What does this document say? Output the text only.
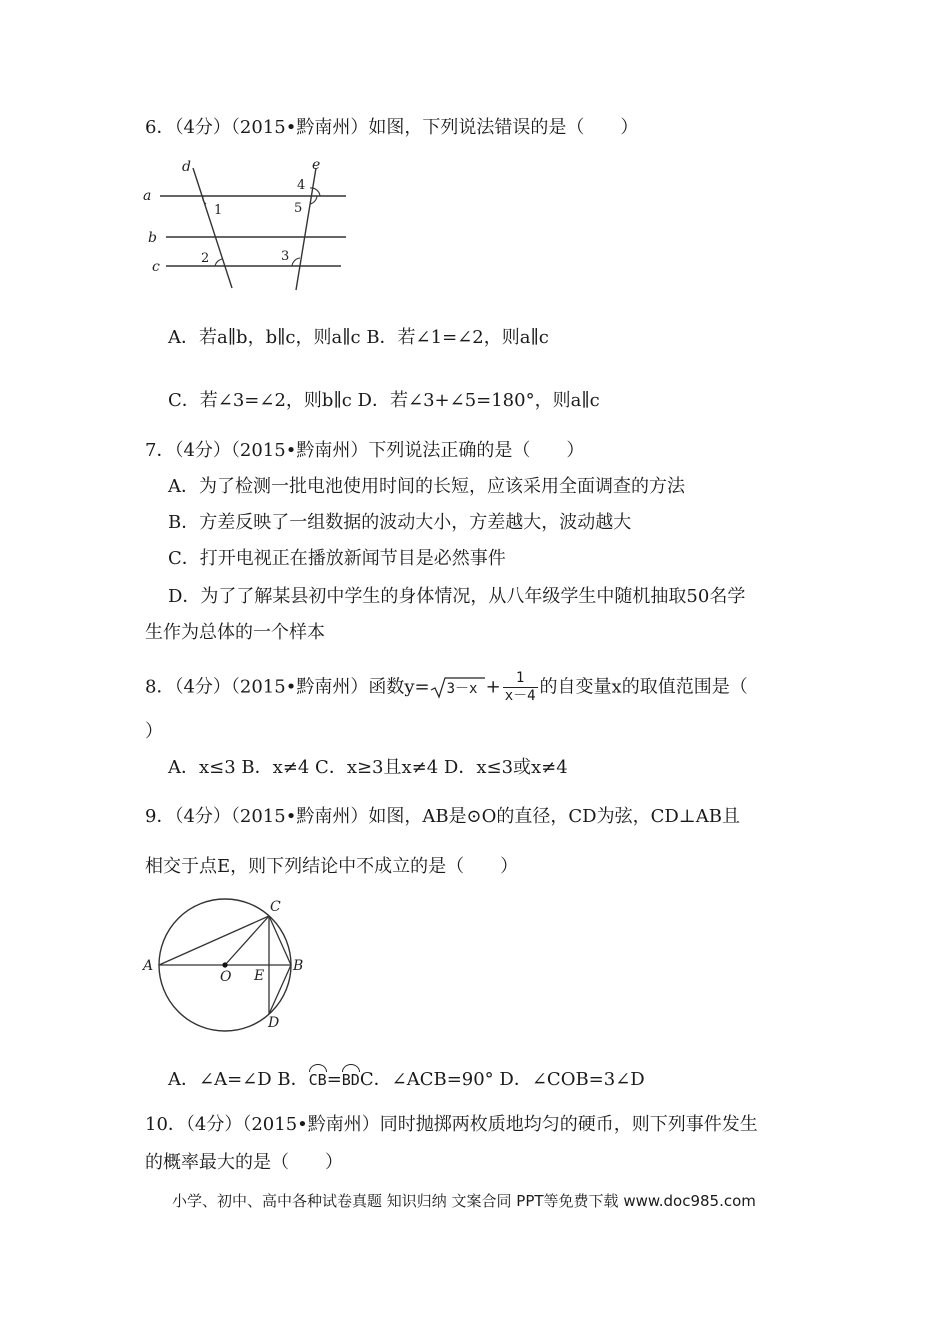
6．（4分）（2015•黔南州）如图，下列说法错误的是（　　）
a
b
c
d	e
1
2	3
4
5
A．若a∥b，b∥c，则a∥c B．若∠1=∠2，则a∥c
C．若∠3=∠2，则b∥c D．若∠3+∠5=180°，则a∥c
7．（4分）（2015•黔南州）下列说法正确的是（　　）
A．为了检测一批电池使用时间的长短，应该采用全面调查的方法
B．方差反映了一组数据的波动大小，方差越大，波动越大
C．打开电视正在播放新闻节目是必然事件
D．为了了解某县初中学生的身体情况，从八年级学生中随机抽取50名学
生作为总体的一个样本
8．（4分）（2015•黔南州）函数$y= 3-x + \frac{1}{x-4}$ 的自变量x的取值范围是（
）
A．x≤3 B．x≠4 C．x≥3且x≠4 D．x≤3或x≠4
9．（4分）（2015•黔南州）如图，AB是⊙O的直径，CD为弦，CD⊥AB且
相交于点E，则下列结论中不成立的是（　　）
A	B
C
D
O E
A．∠A=∠D B．CB=BDC．∠ACB=90° D．∠COB=3∠D
10．（4分）（2015•黔南州）同时抛掷两枚质地均匀的硬币，则下列事件发生
的概率最大的是（　　）
小学、初中、高中各种试卷真题 知识归纳 文案合同 PPT等免费下载 www.doc985.com
